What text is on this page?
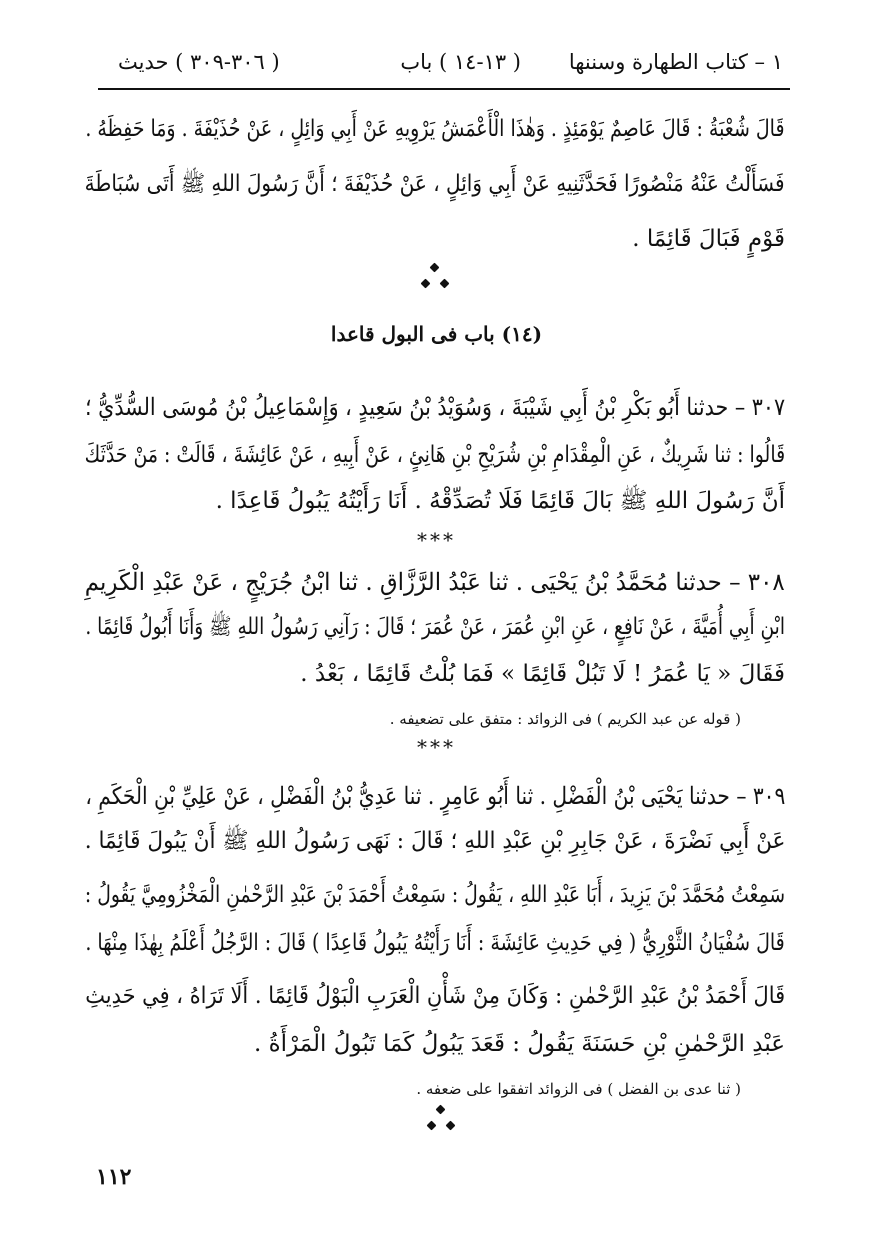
١ – كتاب الطهارة وسننها
( ١٣-١٤ ) باب
( ٣٠٦-٣٠٩ ) حديث
قَالَ شُعْبَةُ : قَالَ عَاصِمٌ يَوْمَئِذٍ . وَهٰذَا الْأَعْمَشُ يَرْوِيهِ عَنْ أَبِي وَائِلٍ ، عَنْ حُذَيْفَةَ . وَمَا حَفِظَهُ .
فَسَأَلْتُ عَنْهُ مَنْصُورًا فَحَدَّثَنِيهِ عَنْ أَبِي وَائِلٍ ، عَنْ حُذَيْفَةَ ؛ أَنَّ رَسُولَ اللهِ ﷺ أَتَى سُبَاطَةَ
قَوْمٍ فَبَالَ قَائِمًا .
(١٤) باب فى البول قاعدا
٣٠٧ – حدثنا أَبُو بَكْرِ بْنُ أَبِي شَيْبَةَ ، وَسُوَيْدُ بْنُ سَعِيدٍ ، وَإِسْمَاعِيلُ بْنُ مُوسَى السُّدِّيُّ ؛
قَالُوا : ثنا شَرِيكٌ ، عَنِ الْمِقْدَامِ بْنِ شُرَيْحِ بْنِ هَانِئٍ ، عَنْ أَبِيهِ ، عَنْ عَائِشَةَ ، قَالَتْ : مَنْ حَدَّثَكَ
أَنَّ رَسُولَ اللهِ ﷺ بَالَ قَائِمًا فَلَا تُصَدِّقْهُ . أَنَا رَأَيْتُهُ يَبُولُ قَاعِدًا .
***
٣٠٨ – حدثنا مُحَمَّدُ بْنُ يَحْيَى . ثنا عَبْدُ الرَّزَّاقِ . ثنا ابْنُ جُرَيْجٍ ، عَنْ عَبْدِ الْكَرِيمِ
ابْنِ أَبِي أُمَيَّةَ ، عَنْ نَافِعٍ ، عَنِ ابْنِ عُمَرَ ، عَنْ عُمَرَ ؛ قَالَ : رَآنِي رَسُولُ اللهِ ﷺ وَأَنَا أَبُولُ قَائِمًا .
فَقَالَ « يَا عُمَرُ ! لَا تَبُلْ قَائِمًا » فَمَا بُلْتُ قَائِمًا ، بَعْدُ .
( قوله عن عبد الكريم ) فى الزوائد : متفق على تضعيفه .
***
٣٠٩ – حدثنا يَحْيَى بْنُ الْفَضْلِ . ثنا أَبُو عَامِرٍ . ثنا عَدِيُّ بْنُ الْفَضْلِ ، عَنْ عَلِيِّ بْنِ الْحَكَمِ ،
عَنْ أَبِي نَضْرَةَ ، عَنْ جَابِرِ بْنِ عَبْدِ اللهِ ؛ قَالَ : نَهَى رَسُولُ اللهِ ﷺ أَنْ يَبُولَ قَائِمًا .
سَمِعْتُ مُحَمَّدَ بْنَ يَزِيدَ ، أَبَا عَبْدِ اللهِ ، يَقُولُ : سَمِعْتُ أَحْمَدَ بْنَ عَبْدِ الرَّحْمٰنِ الْمَخْزُومِيَّ يَقُولُ :
قَالَ سُفْيَانُ الثَّوْرِيُّ ( فِي حَدِيثِ عَائِشَةَ : أَنَا رَأَيْتُهُ يَبُولُ قَاعِدًا ) قَالَ : الرَّجُلُ أَعْلَمُ بِهٰذَا مِنْهَا .
قَالَ أَحْمَدُ بْنُ عَبْدِ الرَّحْمٰنِ : وَكَانَ مِنْ شَأْنِ الْعَرَبِ الْبَوْلُ قَائِمًا . أَلَا تَرَاهُ ، فِي حَدِيثِ
عَبْدِ الرَّحْمٰنِ بْنِ حَسَنَةَ يَقُولُ : قَعَدَ يَبُولُ كَمَا تَبُولُ الْمَرْأَةُ .
( ثنا عدى بن الفضل ) فى الزوائد اتفقوا على ضعفه .
١١٢
